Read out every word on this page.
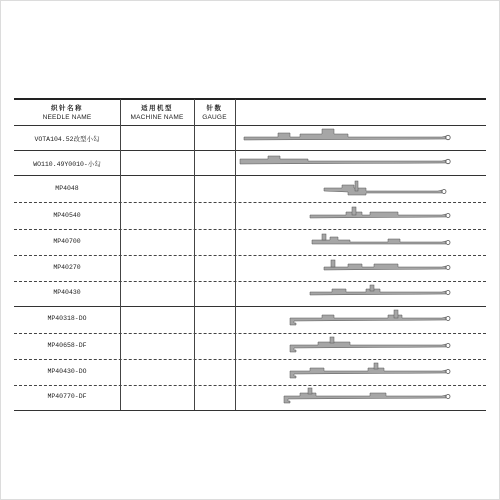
织针名称
NEEDLE NAME
适用机型
MACHINE NAME
针数
GAUGE
VOTA104.52改型小勾
WO110.49Y0010-小勾
MP4048
MP40540
MP40700
MP40270
MP40430
MP40318-DO
MP40658-DF
MP40430-DO
MP40770-DF
